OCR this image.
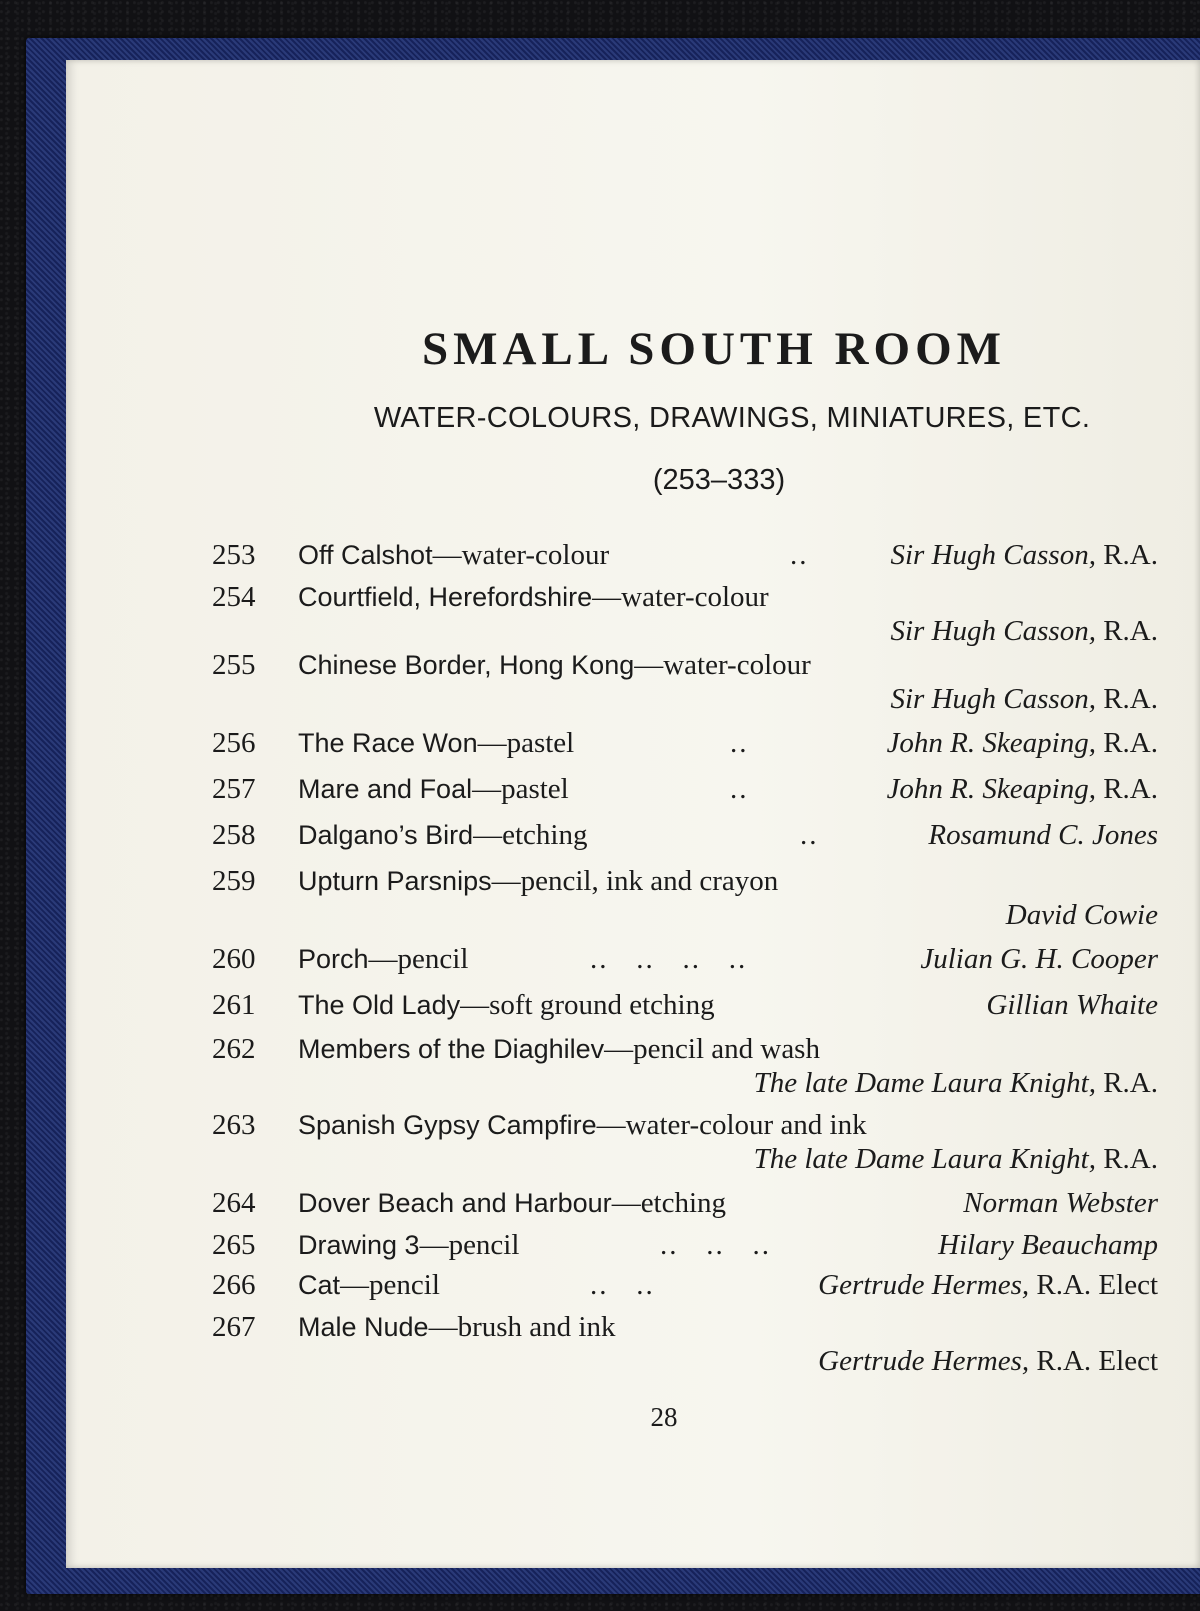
SMALL SOUTH ROOM
WATER-COLOURS, DRAWINGS, MINIATURES, ETC.
(253–333)
253	Off Calshot—water-colour	..	Sir Hugh Casson, R.A.
254	Courtfield, Herefordshire—water-colour
Sir Hugh Casson, R.A.
255	Chinese Border, Hong Kong—water-colour
Sir Hugh Casson, R.A.
256	The Race Won—pastel	..	John R. Skeaping, R.A.
257	Mare and Foal—pastel	..	John R. Skeaping, R.A.
258	Dalgano’s Bird—etching	..	Rosamund C. Jones
259	Upturn Parsnips—pencil, ink and crayon
David Cowie
260	Porch—pencil	..   ..   ..   ..	Julian G. H. Cooper
261	The Old Lady—soft ground etching	Gillian Whaite
262	Members of the Diaghilev—pencil and wash
The late Dame Laura Knight, R.A.
263	Spanish Gypsy Campfire—water-colour and ink
The late Dame Laura Knight, R.A.
264	Dover Beach and Harbour—etching	Norman Webster
265	Drawing 3—pencil	..   ..   ..	Hilary Beauchamp
266	Cat—pencil	..   ..	Gertrude Hermes, R.A. Elect
267	Male Nude—brush and ink
Gertrude Hermes, R.A. Elect
28
